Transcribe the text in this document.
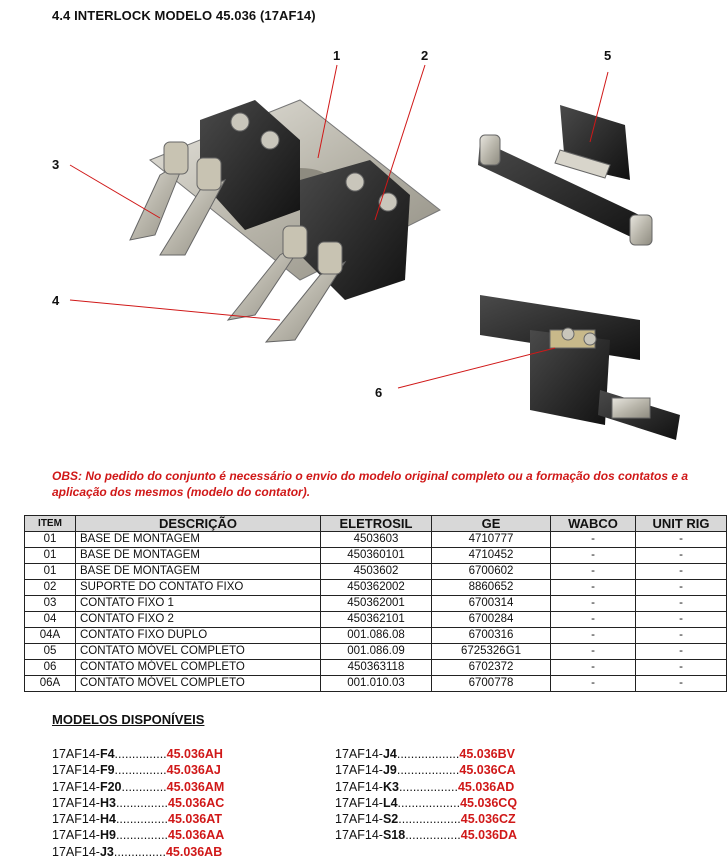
4.4 INTERLOCK MODELO 45.036 (17AF14)
1	2
3
4
5
6
OBS: No pedido do conjunto é necessário o envio do modelo original completo ou a formação dos contatos e a aplicação dos mesmos (modelo do contator).
ITEM	DESCRIÇÃO	ELETROSIL	GE	WABCO	UNIT RIG
01	BASE DE MONTAGEM	4503603	4710777	-	-
01	BASE DE MONTAGEM	450360101	4710452	-	-
01	BASE DE MONTAGEM	4503602	6700602	-	-
02	SUPORTE DO CONTATO FIXO	450362002	8860652	-	-
03	CONTATO FIXO 1	450362001	6700314	-	-
04	CONTATO FIXO 2	450362101	6700284	-	-
04A	CONTATO FIXO DUPLO	001.086.08	6700316	-	-
05	CONTATO MÓVEL COMPLETO	001.086.09	6725326G1	-	-
06	CONTATO MÓVEL COMPLETO	450363118	6702372	-	-
06A	CONTATO MÓVEL COMPLETO	001.010.03	6700778	-	-
MODELOS DISPONÍVEIS
17AF14-F4...............45.036AH
17AF14-F9...............45.036AJ
17AF14-F20.............45.036AM
17AF14-H3...............45.036AC
17AF14-H4...............45.036AT
17AF14-H9...............45.036AA
17AF14-J3...............45.036AB
17AF14-J4..................45.036BV
17AF14-J9..................45.036CA
17AF14-K3.................45.036AD
17AF14-L4..................45.036CQ
17AF14-S2..................45.036CZ
17AF14-S18................45.036DA
